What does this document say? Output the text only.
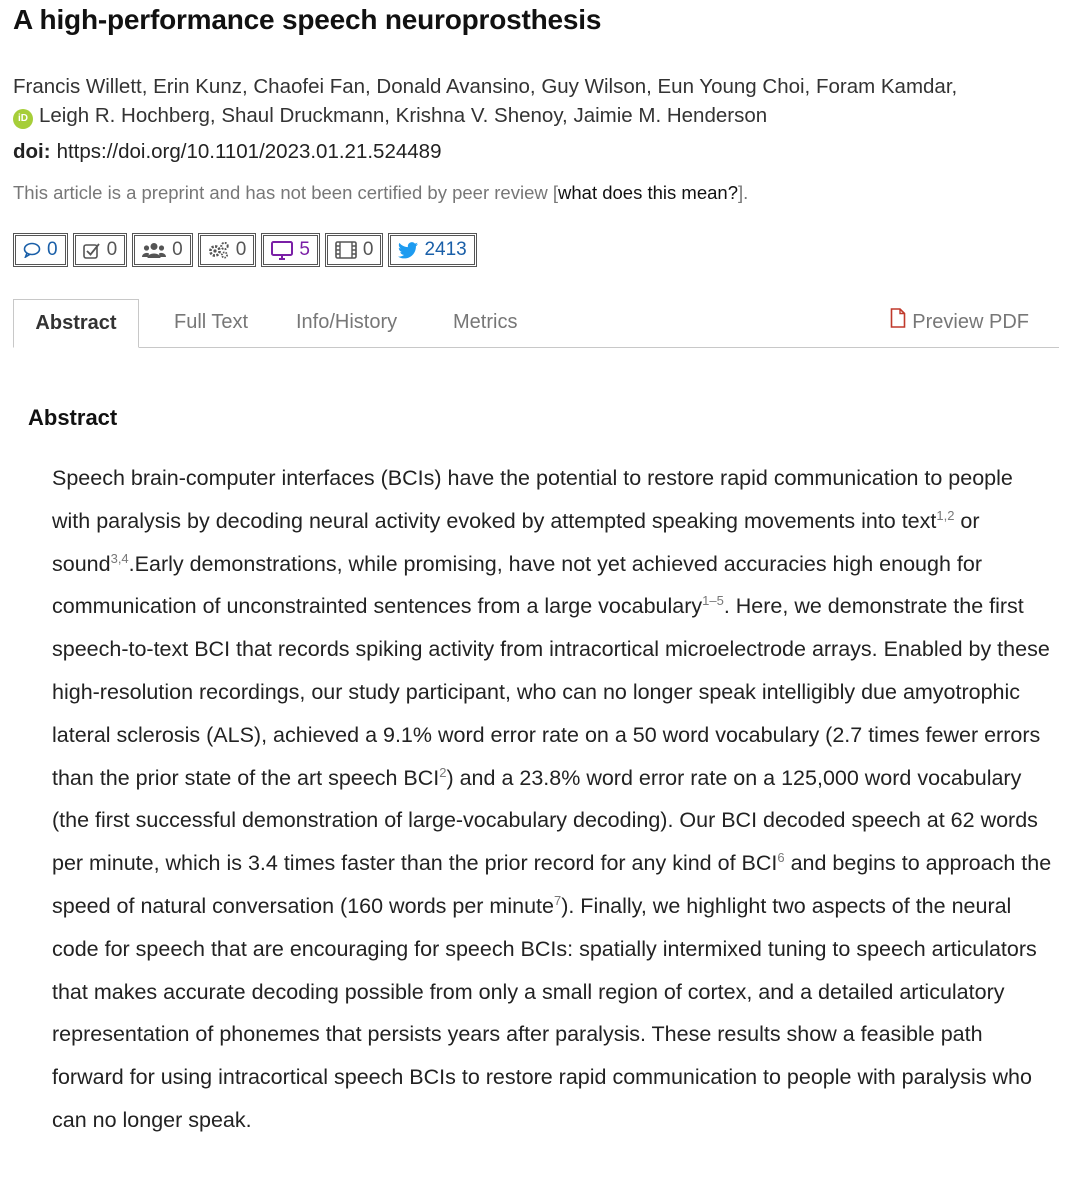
A high-performance speech neuroprosthesis
Francis Willett, Erin Kunz, Chaofei Fan, Donald Avansino, Guy Wilson, Eun Young Choi, Foram Kamdar,
iD Leigh R. Hochberg, Shaul Druckmann, Krishna V. Shenoy, Jaimie M. Henderson
doi: https://doi.org/10.1101/2023.01.21.524489
This article is a preprint and has not been certified by peer review [what does this mean?].
0	0	0	0	5	0	2413
Abstract	Full Text Info/History	Metrics	Preview PDF
Abstract

Speech brain-computer interfaces (BCIs) have the potential to restore rapid communication to people with paralysis by decoding neural activity evoked by attempted speaking movements into text$^{1,2}$ or sound$^{3,4}$.Early demonstrations, while promising, have not yet achieved accuracies high enough for communication of unconstrainted sentences from a large vocabulary$^{1-5}$. Here, we demonstrate the first speech-to-text BCI that records spiking activity from intracortical microelectrode arrays. Enabled by these high-resolution recordings, our study participant, who can no longer speak intelligibly due amyotrophic lateral sclerosis (ALS), achieved a 9.1% word error rate on a 50 word vocabulary (2.7 times fewer errors than the prior state of the art speech BCI$^2$) and a 23.8% word error rate on a 125,000 word vocabulary (the first successful demonstration of large-vocabulary decoding). Our BCI decoded speech at 62 words per minute, which is 3.4 times faster than the prior record for any kind of BCI$^6$ and begins to approach the speed of natural conversation (160 words per minute$^7$). Finally, we highlight two aspects of the neural code for speech that are encouraging for speech BCIs: spatially intermixed tuning to speech articulators that makes accurate decoding possible from only a small region of cortex, and a detailed articulatory representation of phonemes that persists years after paralysis. These results show a feasible path forward for using intracortical speech BCIs to restore rapid communication to people with paralysis who can no longer speak.
